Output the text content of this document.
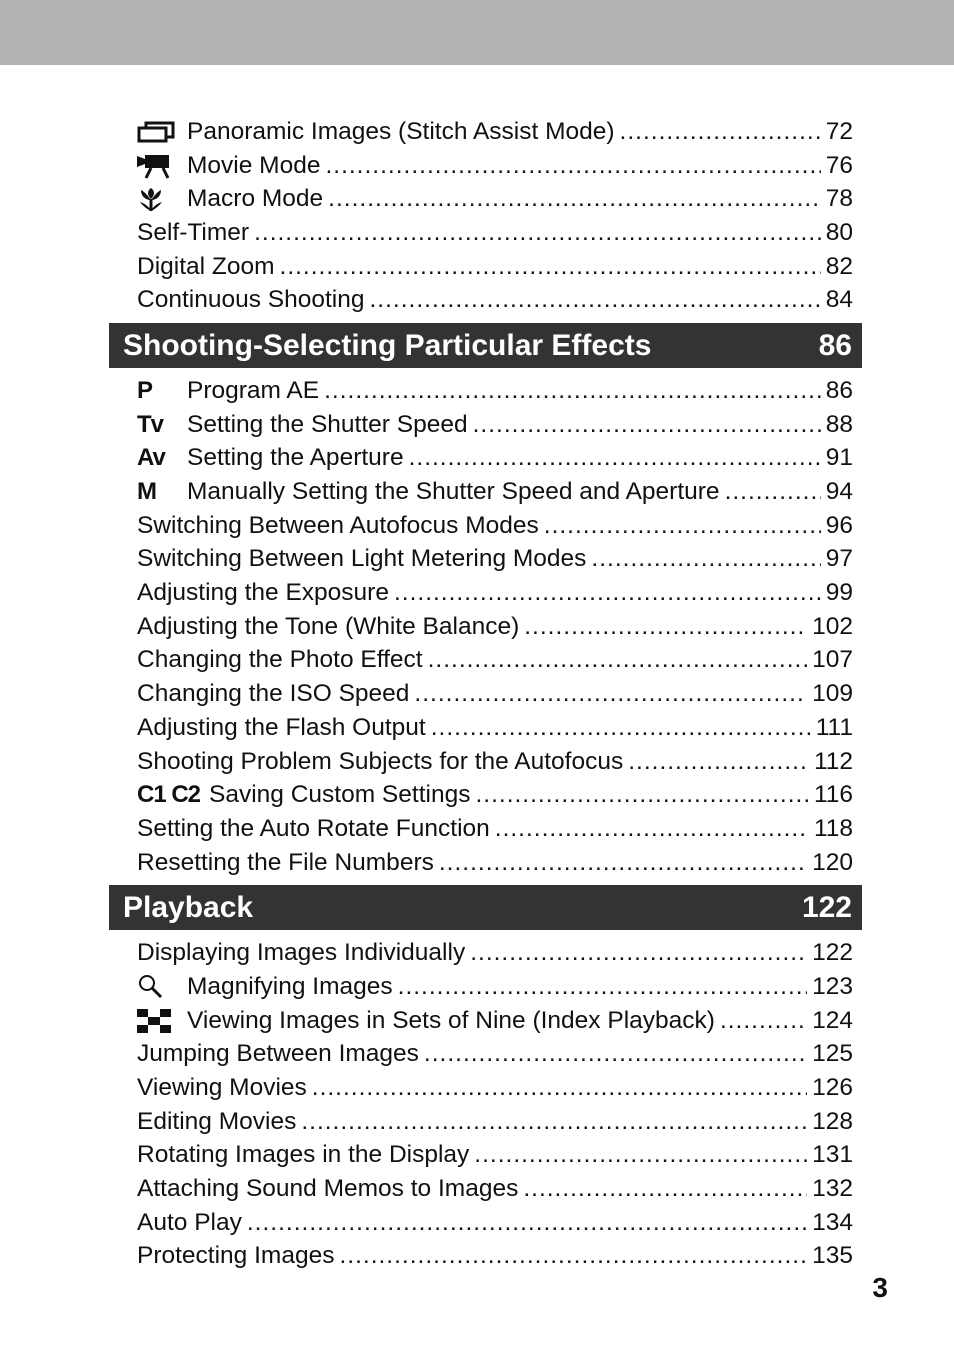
Panoramic Images (Stitch Assist Mode) .....	72
Movie Mode .....	76
Macro Mode .....	78
Self-Timer .....	80
Digital Zoom .....	82
Continuous Shooting .....	84
Shooting-Selecting Particular Effects	86
P	Program AE .....	86
Tv Setting the Shutter Speed .....	88
Av Setting the Aperture .....	91
M	Manually Setting the Shutter Speed and Aperture .....	94
Switching Between Autofocus Modes .....	96
Switching Between Light Metering Modes .....	97
Adjusting the Exposure .....	99
Adjusting the Tone (White Balance) .....	102
Changing the Photo Effect .....	107
Changing the ISO Speed .....	109
Adjusting the Flash Output .....	111
Shooting Problem Subjects for the Autofocus .....	112
C1 C2 Saving Custom Settings .....	116
Setting the Auto Rotate Function .....	118
Resetting the File Numbers .....	120
Playback	122
Displaying Images Individually .....	122
Magnifying Images .....	123
Viewing Images in Sets of Nine (Index Playback) .....	124
Jumping Between Images .....	125
Viewing Movies .....	126
Editing Movies .....	128
Rotating Images in the Display .....	131
Attaching Sound Memos to Images .....	132
Auto Play .....	134
Protecting Images .....	135
3
